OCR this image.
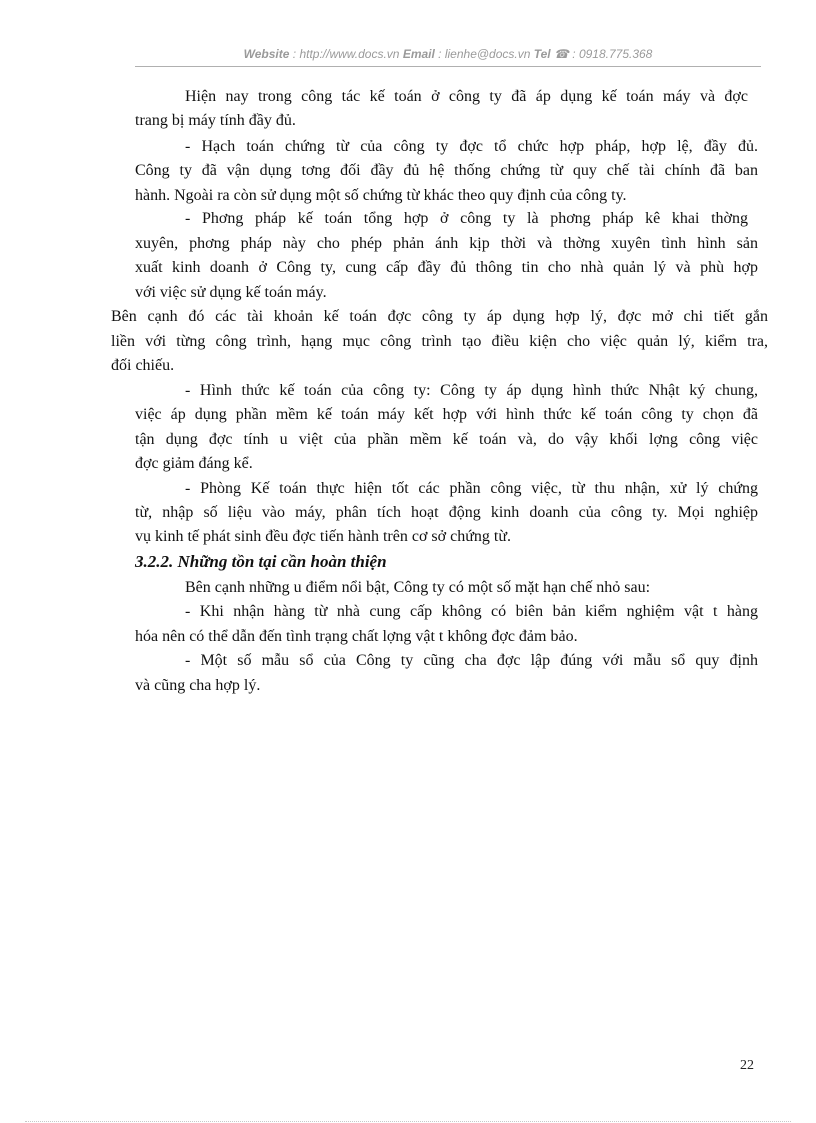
Website : http://www.docs.vn Email : lienhe@docs.vn Tel ☎ : 0918.775.368
Hiện nay trong công tác kế toán ở công ty đã áp dụng kế toán máy và đợc
trang bị máy tính đầy đủ.
- Hạch toán chứng từ của công ty đợc tổ chức hợp pháp, hợp lệ, đầy đủ.
Công ty đã vận dụng tơng đối đầy đủ hệ thống chứng từ quy chế tài chính đã ban
hành. Ngoài ra còn sử dụng một số chứng từ khác theo quy định của công ty.
- Phơng pháp kế toán tổng hợp ở công ty là phơng pháp kê khai thờng
xuyên, phơng pháp này cho phép phản ánh kịp thời và thờng xuyên tình hình sản
xuất kinh doanh ở Công ty, cung cấp đầy đủ thông tin cho nhà quản lý và phù hợp
với việc sử dụng kế toán máy.
Bên cạnh đó các tài khoản kế toán đợc công ty áp dụng hợp lý, đợc mở chi tiết gắn
liền với từng công trình, hạng mục công trình tạo điều kiện cho việc quản lý, kiểm tra,
đối chiếu.
- Hình thức kế toán của công ty: Công ty áp dụng hình thức Nhật ký chung,
việc áp dụng phần mềm kế toán máy kết hợp với hình thức kế toán công ty chọn đã
tận dụng đợc tính u việt của phần mềm kế toán và, do vậy khối lợng công việc
đợc giảm đáng kể.
- Phòng Kế toán thực hiện tốt các phần công việc, từ thu nhận, xử lý chứng
từ, nhập số liệu vào máy, phân tích hoạt động kinh doanh của công ty. Mọi nghiệp
vụ kinh tế phát sinh đều đợc tiến hành trên cơ sở chứng từ.
3.2.2. Những tồn tại cần hoàn thiện
Bên cạnh những u điểm nổi bật, Công ty có một số mặt hạn chế nhỏ sau:
- Khi nhận hàng từ nhà cung cấp không có biên bản kiểm nghiệm vật t hàng
hóa nên có thể dẫn đến tình trạng chất lợng vật t không đợc đảm bảo.
- Một số mẫu sổ của Công ty cũng cha đợc lập đúng với mẫu sổ quy định
và cũng cha hợp lý.
22
